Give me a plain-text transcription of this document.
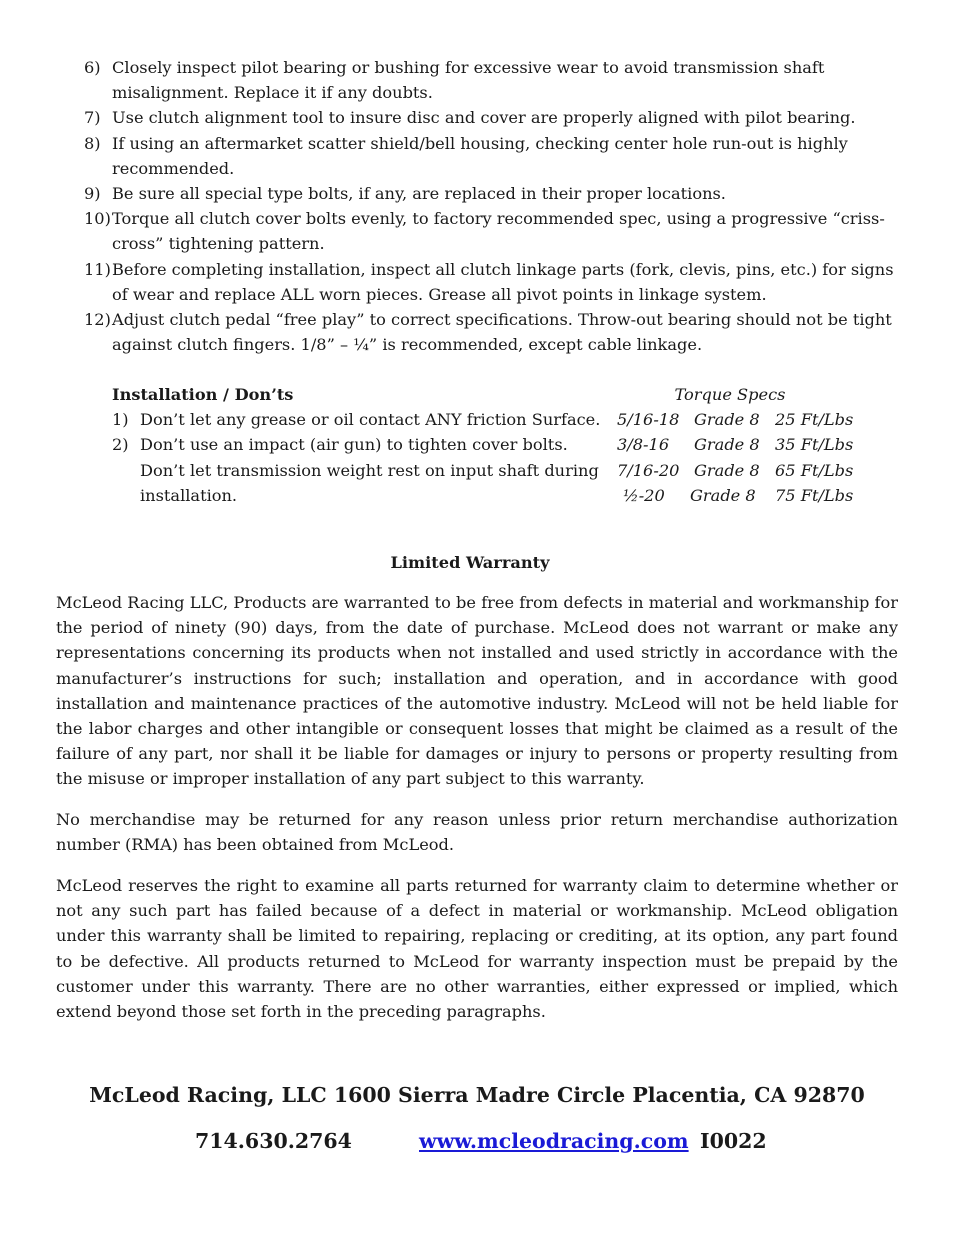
6) Closely inspect pilot bearing or bushing for excessive wear to avoid transmission shaft misalignment. Replace it if any doubts.
7) Use clutch alignment tool to insure disc and cover are properly aligned with pilot bearing.
8) If using an aftermarket scatter shield/bell housing, checking center hole run-out is highly recommended.
9) Be sure all special type bolts, if any, are replaced in their proper locations.
10) Torque all clutch cover bolts evenly, to factory recommended spec, using a progressive “criss-cross” tightening pattern.
11) Before completing installation, inspect all clutch linkage parts (fork, clevis, pins, etc.) for signs of wear and replace ALL worn pieces. Grease all pivot points in linkage system.
12) Adjust clutch pedal “free play” to correct specifications. Throw-out bearing should not be tight against clutch fingers. 1/8” – ¼” is recommended, except cable linkage.
Installation / Don’ts
1) Don’t let any grease or oil contact ANY friction Surface.
2) Don’t use an impact (air gun) to tighten cover bolts.
Don’t let transmission weight rest on input shaft during installation.
Torque Specs
5/16-18 Grade 8 25 Ft/Lbs
3/8-16 Grade 8 35 Ft/Lbs
7/16-20 Grade 8 65 Ft/Lbs
½-20 Grade 8 75 Ft/Lbs
Limited Warranty

McLeod Racing LLC, Products are warranted to be free from defects in material and workmanship for the period of ninety (90) days, from the date of purchase. McLeod does not warrant or make any representations concerning its products when not installed and used strictly in accordance with the manufacturer’s instructions for such; installation and operation, and in accordance with good installation and maintenance practices of the automotive industry. McLeod will not be held liable for the labor charges and other intangible or consequent losses that might be claimed as a result of the failure of any part, nor shall it be liable for damages or injury to persons or property resulting from the misuse or improper installation of any part subject to this warranty.

No merchandise may be returned for any reason unless prior return merchandise authorization number (RMA) has been obtained from McLeod.

McLeod reserves the right to examine all parts returned for warranty claim to determine whether or not any such part has failed because of a defect in material or workmanship. McLeod obligation under this warranty shall be limited to repairing, replacing or crediting, at its option, any part found to be defective. All products returned to McLeod for warranty inspection must be prepaid by the customer under this warranty. There are no other warranties, either expressed or implied, which extend beyond those set forth in the preceding paragraphs.

McLeod Racing, LLC 1600 Sierra Madre Circle Placentia, CA 92870
714.630.2764	www.mcleodracing.com I0022
